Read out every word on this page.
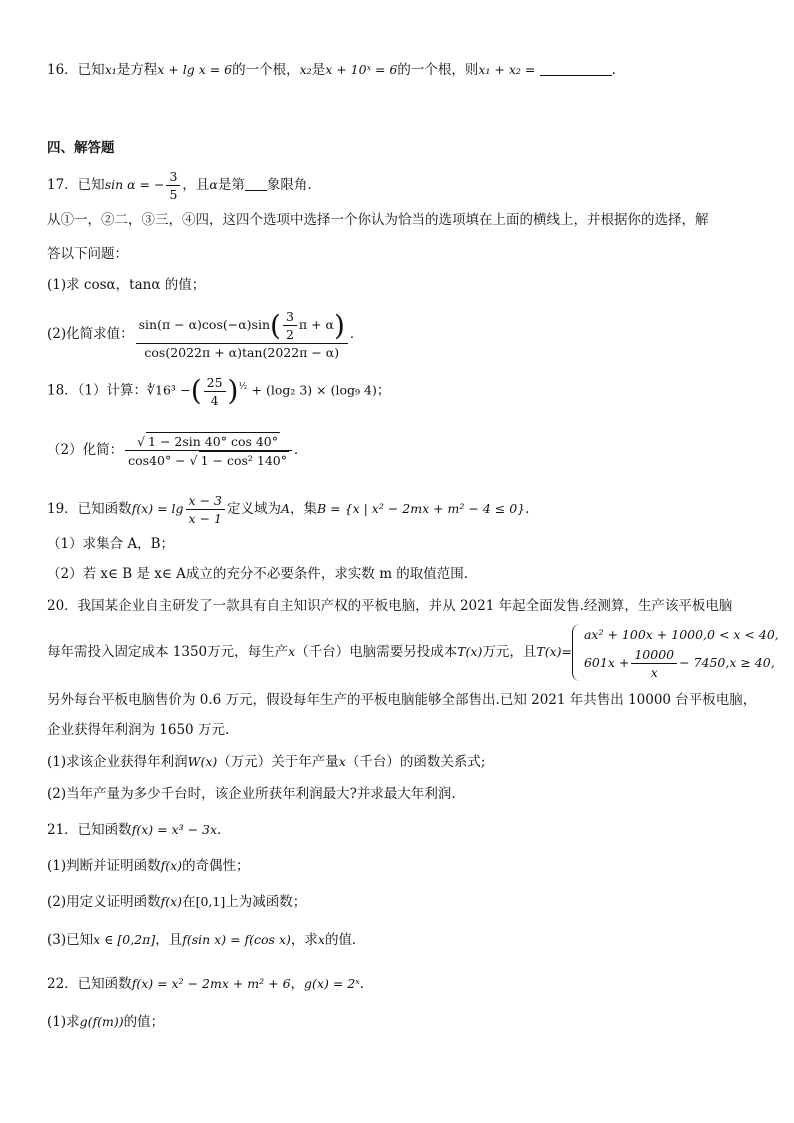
16．已知x₁是方程x + lg x = 6的一个根，x₂是x + 10ˣ = 6的一个根，则x₁ + x₂ =	.
四、解答题
17．已知sin α = − $\frac{3}{5}$ ，且α是第 象限角．
从①一，②二，③三，④四，这四个选项中选择一个你认为恰当的选项填在上面的横线上，并根据你的选择，解
答以下问题：
(1)求 cosα，tanα 的值；
(2)化简求值： $\frac{\sin(\pi - \alpha)\cos(-\alpha)\sin( \frac{3}{2} \pi + \alpha)}{\cos(2022\pi + \alpha)\tan(2022\pi - \alpha)}$ ．
18．（1）计算：∜16³ −( $\frac{25}{4} )^{\frac{1}{2}} + (\log_2$ 3) × (log₉ 4)；
（2）化简： $\frac{√ 1 - 2\sin 40^\circ \cos 40^\circ}{\text{cos40° − √ 1 − cos² 140°}}$ ．
19．已知函数$f(x) = \lg \frac{x - 3}{x - 1}$ 定义域为A，集B = {x | x² − 2mx + m² − 4 ≤ 0}.
（1）求集合 A，B；
（2）若 x∈ B 是 x∈ A成立的充分不必要条件，求实数 m 的取值范围.
20．我国某企业自主研发了一款具有自主知识产权的平板电脑，并从 2021 年起全面发售.经测算，生产该平板电脑
每年需投入固定成本 1350万元，每生产x（千台）电脑需要另投成本T(x)万元，且T(x)=
ax² + 100x + 1000,0 < x < 40,
$601x + \frac{10000}{x} - 7450,x \ge 40$,
另外每台平板电脑售价为 0.6 万元，假设每年生产的平板电脑能够全部售出.已知 2021 年共售出 10000 台平板电脑，
企业获得年利润为 1650 万元.
(1)求该企业获得年利润W(x)（万元）关于年产量x（千台）的函数关系式;
(2)当年产量为多少千台时，该企业所获年利润最大?并求最大年利润.
21．已知函数f(x) = x³ − 3x．
(1)判断并证明函数f(x)的奇偶性；
(2)用定义证明函数f(x)在[0,1]上为减函数；
(3)已知x ∈ [0,2π]，且f(sin x) = f(cos x)，求x的值．
22．已知函数f(x) = x² − 2mx + m² + 6，g(x) = 2ˣ.
(1)求g(f(m))的值；
